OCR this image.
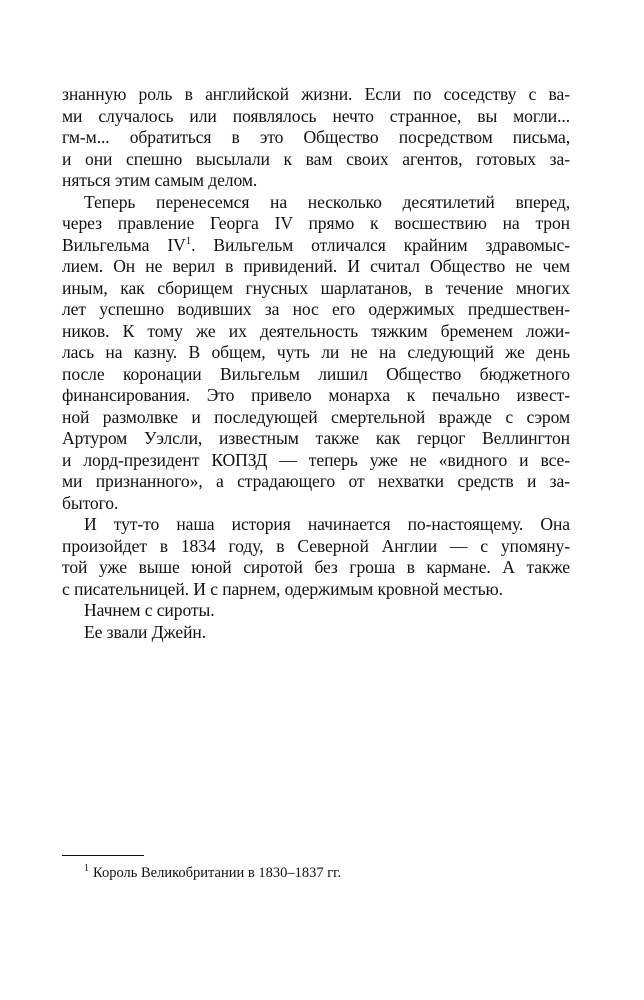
знанную роль в английской жизни. Если по соседству с ва-
ми случалось или появлялось нечто странное, вы могли...
гм-м... обратиться в это Общество посредством письма,
и они спешно высылали к вам своих агентов, готовых за-
няться этим самым делом.
Теперь перенесемся на несколько десятилетий вперед,
через правление Георга IV прямо к восшествию на трон
Вильгельма IV$^1$. Вильгельм отличался крайним здравомыс-
лием. Он не верил в привидений. И считал Общество не чем
иным, как сборищем гнусных шарлатанов, в течение многих
лет успешно водивших за нос его одержимых предшествен-
ников. К тому же их деятельность тяжким бременем ложи-
лась на казну. В общем, чуть ли не на следующий же день
после коронации Вильгельм лишил Общество бюджетного
финансирования. Это привело монарха к печально извест-
ной размолвке и последующей смертельной вражде с сэром
Артуром Уэлсли, известным также как герцог Веллингтон
и лорд-президент КОПЗД — теперь уже не «видного и все-
ми признанного», а страдающего от нехватки средств и за-
бытого.
И тут-то наша история начинается по-настоящему. Она
произойдет в 1834 году, в Северной Англии — с упомяну-
той уже выше юной сиротой без гроша в кармане. А также
с писательницей. И с парнем, одержимым кровной местью.
Начнем с сироты.
Ее звали Джейн.
$^1$ Король Великобритании в 1830–1837 гг.
